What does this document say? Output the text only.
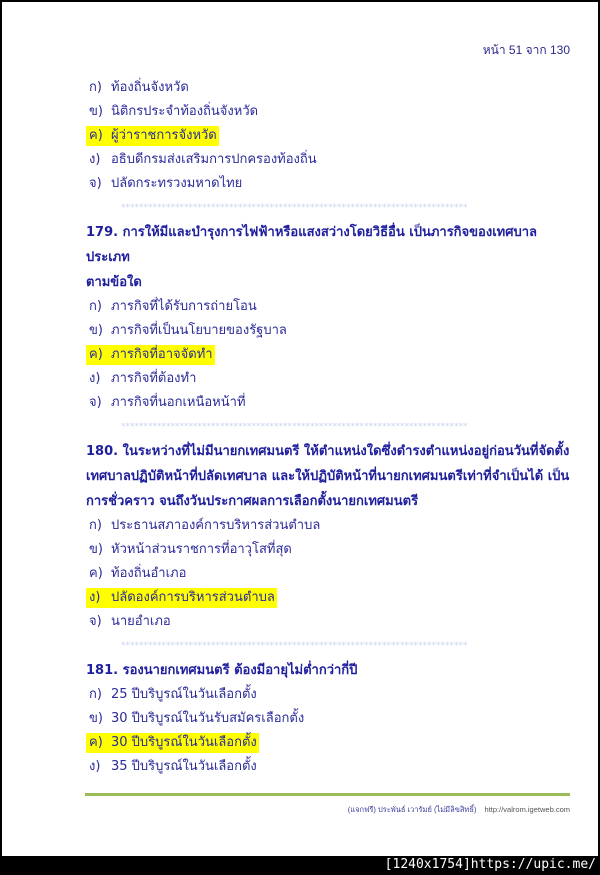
หน้า 51 จาก 130
ก) ท้องถิ่นจังหวัด
ข) นิติกรประจำท้องถิ่นจังหวัด
ค) ผู้ว่าราชการจังหวัด
ง) อธิบดีกรมส่งเสริมการปกครองท้องถิ่น
จ) ปลัดกระทรวงมหาดไทย
*****************************************************************************
179. การให้มีและบำรุงการไฟฟ้าหรือแสงสว่างโดยวิธีอื่น เป็นภารกิจของเทศบาลประเภท
ตามข้อใด
ก) ภารกิจที่ได้รับการถ่ายโอน
ข) ภารกิจที่เป็นนโยบายของรัฐบาล
ค) ภารกิจที่อาจจัดทำ
ง) ภารกิจที่ต้องทำ
จ) ภารกิจที่นอกเหนือหน้าที่
*****************************************************************************
180. ในระหว่างที่ไม่มีนายกเทศมนตรี ให้ตำแหน่งใดซึ่งดำรงตำแหน่งอยู่ก่อนวันที่จัดตั้ง
เทศบาลปฏิบัติหน้าที่ปลัดเทศบาล และให้ปฏิบัติหน้าที่นายกเทศมนตรีเท่าที่จำเป็นได้ เป็น
การชั่วคราว จนถึงวันประกาศผลการเลือกตั้งนายกเทศมนตรี
ก) ประธานสภาองค์การบริหารส่วนตำบล
ข) หัวหน้าส่วนราชการที่อาวุโสที่สุด
ค) ท้องถิ่นอำเภอ
ง) ปลัดองค์การบริหารส่วนตำบล
จ) นายอำเภอ
*****************************************************************************
181. รองนายกเทศมนตรี ต้องมีอายุไม่ต่ำกว่ากี่ปี
ก) 25 ปีบริบูรณ์ในวันเลือกตั้ง
ข) 30 ปีบริบูรณ์ในวันรับสมัครเลือกตั้ง
ค) 30 ปีบริบูรณ์ในวันเลือกตั้ง
ง) 35 ปีบริบูรณ์ในวันเลือกตั้ง
(แจกฟรี) ประพันธ์ เวารัมย์ (ไม่มีลิขสิทธิ์) http://valrom.igetweb.com
[1240x1754]https://upic.me/
